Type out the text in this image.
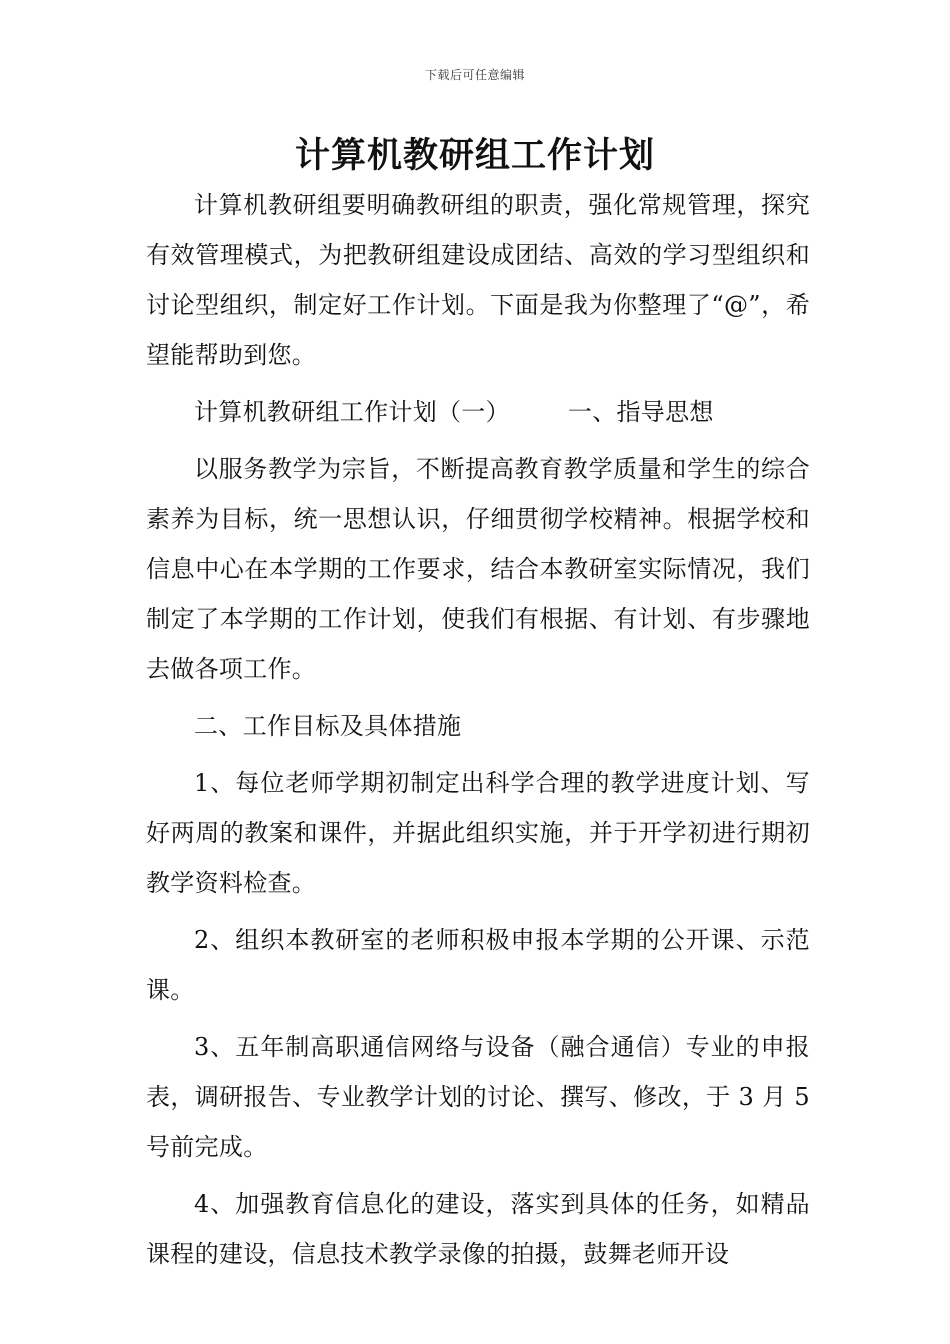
下载后可任意编辑
计算机教研组工作计划

计算机教研组要明确教研组的职责，强化常规管理，探究有效管理模式，为把教研组建设成团结、高效的学习型组织和讨论型组织，制定好工作计划。下面是我为你整理了“@”，希望能帮助到您。

计算机教研组工作计划（一） 一、指导思想

以服务教学为宗旨，不断提高教育教学质量和学生的综合素养为目标，统一思想认识，仔细贯彻学校精神。根据学校和信息中心在本学期的工作要求，结合本教研室实际情况，我们制定了本学期的工作计划，使我们有根据、有计划、有步骤地去做各项工作。

二、工作目标及具体措施

1、每位老师学期初制定出科学合理的教学进度计划、写好两周的教案和课件，并据此组织实施，并于开学初进行期初教学资料检查。

2、组织本教研室的老师积极申报本学期的公开课、示范课。

3、五年制高职通信网络与设备（融合通信）专业的申报表，调研报告、专业教学计划的讨论、撰写、修改，于 3 月 5 号前完成。

4、加强教育信息化的建设，落实到具体的任务，如精品课程的建设，信息技术教学录像的拍摄，鼓舞老师开设
